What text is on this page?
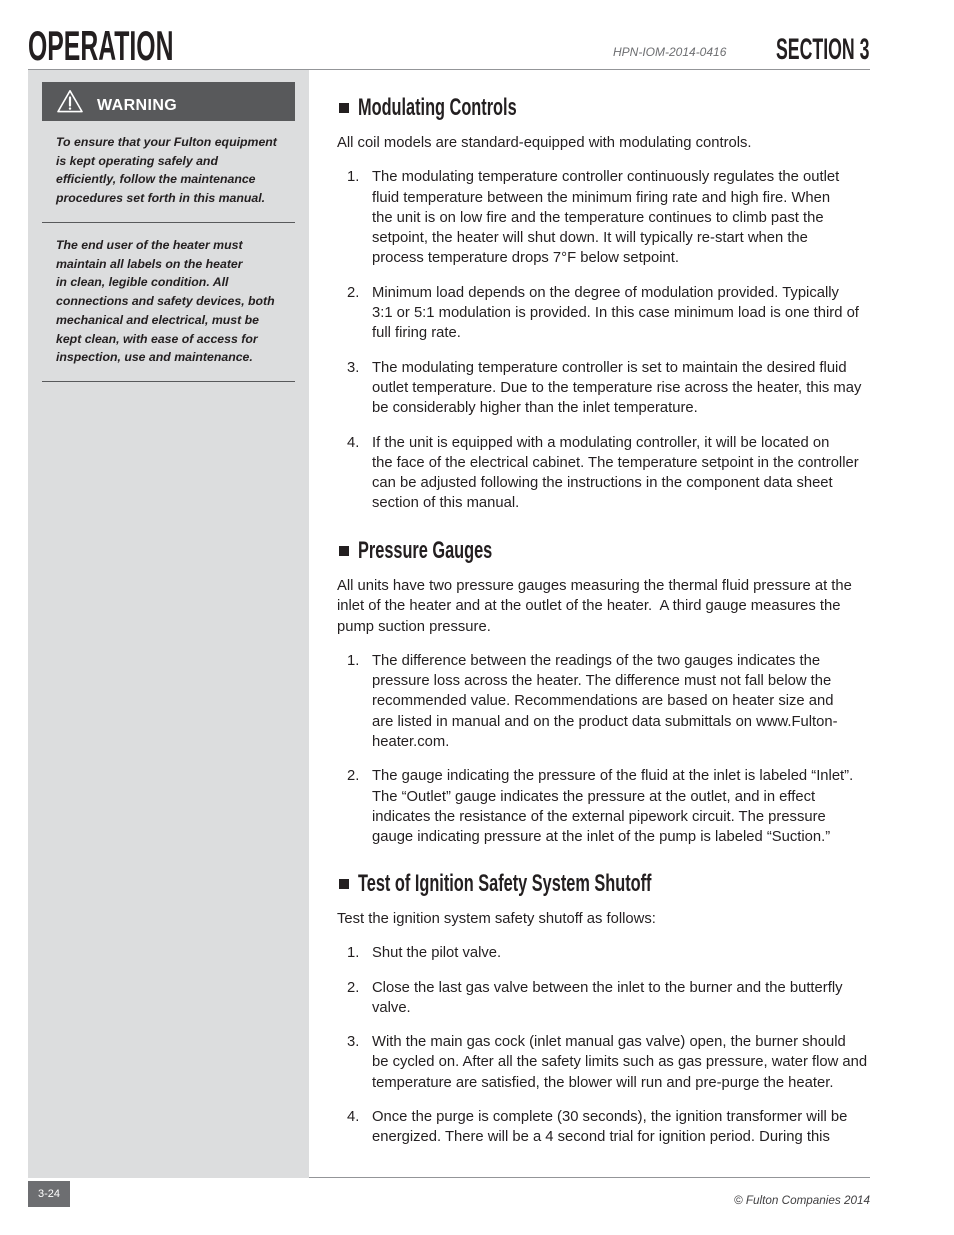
OPERATION	HPN-IOM-2014-0416 SECTION 3
WARNING
To ensure that your Fulton equipment
is kept operating safely and
efficiently, follow the maintenance
procedures set forth in this manual.
The end user of the heater must
maintain all labels on the heater
in clean, legible condition. All
connections and safety devices, both
mechanical and electrical, must be
kept clean, with ease of access for
inspection, use and maintenance.
Modulating Controls
All coil models are standard-equipped with modulating controls.
1. The modulating temperature controller continuously regulates the outlet
fluid temperature between the minimum firing rate and high fire. When
the unit is on low fire and the temperature continues to climb past the
setpoint, the heater will shut down. It will typically re-start when the
process temperature drops 7°F below setpoint.
2. Minimum load depends on the degree of modulation provided. Typically
3:1 or 5:1 modulation is provided. In this case minimum load is one third of
full firing rate.
3. The modulating temperature controller is set to maintain the desired fluid
outlet temperature. Due to the temperature rise across the heater, this may
be considerably higher than the inlet temperature.
4. If the unit is equipped with a modulating controller, it will be located on
the face of the electrical cabinet. The temperature setpoint in the controller
can be adjusted following the instructions in the component data sheet
section of this manual.
Pressure Gauges
All units have two pressure gauges measuring the thermal fluid pressure at the
inlet of the heater and at the outlet of the heater.  A third gauge measures the
pump suction pressure.
1. The difference between the readings of the two gauges indicates the
pressure loss across the heater. The difference must not fall below the
recommended value. Recommendations are based on heater size and
are listed in manual and on the product data submittals on www.Fulton-
heater.com.
2. The gauge indicating the pressure of the fluid at the inlet is labeled “Inlet”.
The “Outlet” gauge indicates the pressure at the outlet, and in effect
indicates the resistance of the external pipework circuit. The pressure
gauge indicating pressure at the inlet of the pump is labeled “Suction.”
Test of Ignition Safety System Shutoff
Test the ignition system safety shutoff as follows:
1. Shut the pilot valve.
2. Close the last gas valve between the inlet to the burner and the butterfly
valve.
3. With the main gas cock (inlet manual gas valve) open, the burner should
be cycled on. After all the safety limits such as gas pressure, water flow and
temperature are satisfied, the blower will run and pre-purge the heater.
4. Once the purge is complete (30 seconds), the ignition transformer will be
energized. There will be a 4 second trial for ignition period. During this
3-24	© Fulton Companies 2014
